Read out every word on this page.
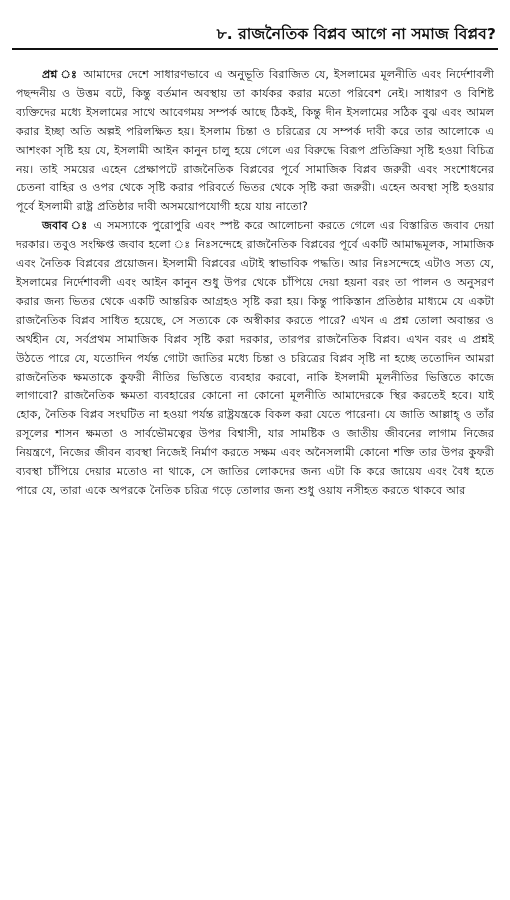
৮. রাজনৈতিক বিপ্লব আগে না সমাজ বিপ্লব?

প্রশ্ন ঃ আমাদের দেশে সাধারণভাবে এ অনুভূতি বিরাজিত যে, ইসলামের মূলনীতি এবং নির্দেশাবলী পছন্দনীয় ও উত্তম বটে, কিন্তু বর্তমান অবস্থায় তা কার্যকর করার মতো পরিবেশ নেই। সাধারণ ও বিশিষ্ট ব্যক্তিদের মধ্যে ইসলামের সাথে আবেগময় সম্পর্ক আছে ঠিকই, কিন্তু দীন ইসলামের সঠিক বুঝ এবং আমল করার ইচ্ছা অতি অল্পই পরিলক্ষিত হয়। ইসলাম চিন্তা ও চরিত্রের যে সম্পর্ক দাবী করে তার আলোকে এ আশংকা সৃষ্টি হয় যে, ইসলামী আইন কানুন চালু হয়ে গেলে এর বিরুদ্ধে বিরূপ প্রতিক্রিয়া সৃষ্টি হওয়া বিচিত্র নয়। তাই সময়ের এহেন প্রেক্ষাপটে রাজনৈতিক বিপ্লবের পূর্বে সামাজিক বিপ্লব জরুরী এবং সংশোধনের চেতনা বাহির ও ওপর থেকে সৃষ্টি করার পরিবর্তে ভিতর থেকে সৃষ্টি করা জরুরী। এহেন অবস্থা সৃষ্টি হওয়ার পূর্বে ইসলামী রাষ্ট্র প্রতিষ্ঠার দাবী অসময়োপযোগী হয়ে যায় নাতো?

জবাব ঃ এ সমস্যাকে পুরোপুরি এবং স্পষ্ট করে আলোচনা করতে গেলে এর বিস্তারিত জবাব দেয়া দরকার। তবুও সংক্ষিপ্ত জবাব হলো ঃ নিঃসন্দেহে রাজনৈতিক বিপ্লবের পূর্বে একটি আমাদ্ধমূলক, সামাজিক এবং নৈতিক বিপ্লবের প্রয়োজন। ইসলামী বিপ্লবের এটাই স্বাভাবিক পদ্ধতি। আর নিঃসন্দেহে এটাও সত্য যে, ইসলামের নির্দেশাবলী এবং আইন কানুন শুধু উপর থেকে চাঁপিয়ে দেয়া হয়না বরং তা পালন ও অনুসরণ করার জন্য ভিতর থেকে একটি আন্তরিক আগ্রহও সৃষ্টি করা হয়। কিন্তু পাকিস্তান প্রতিষ্ঠার মাধ্যমে যে একটা রাজনৈতিক বিপ্লব সাধিত হয়েছে, সে সত্যকে কে অস্বীকার করতে পারে? এখন এ প্রশ্ন তোলা অবান্তর ও অর্থহীন যে, সর্বপ্রথম সামাজিক বিপ্লব সৃষ্টি করা দরকার, তারপর রাজনৈতিক বিপ্লব। এখন বরং এ প্রশ্নই উঠতে পারে যে, যতোদিন পর্যন্ত গোটা জাতির মধ্যে চিন্তা ও চরিত্রের বিপ্লব সৃষ্টি না হচ্ছে ততোদিন আমরা রাজনৈতিক ক্ষমতাকে কুফরী নীতির ভিত্তিতে ব্যবহার করবো, নাকি ইসলামী মূলনীতির ভিত্তিতে কাজে লাগাবো? রাজনৈতিক ক্ষমতা ব্যবহারের কোনো না কোনো মূলনীতি আমাদেরকে স্থির করতেই হবে। যাই হোক, নৈতিক বিপ্লব সংঘটিত না হওয়া পর্যন্ত রাষ্ট্রযন্ত্রকে বিকল করা যেতে পারেনা। যে জাতি আল্লাহ্ ও তাঁর রসূলের শাসন ক্ষমতা ও সার্বভৌমত্বের উপর বিশ্বাসী, যার সামষ্টিক ও জাতীয় জীবনের লাগাম নিজের নিয়ন্ত্রণে, নিজের জীবন ব্যবস্থা নিজেই নির্মাণ করতে সক্ষম এবং অনৈসলামী কোনো শক্তি তার উপর কুফরী ব্যবস্থা চাঁপিয়ে দেয়ার মতোও না থাকে, সে জাতির লোকদের জন্য এটা কি করে জায়েয এবং বৈধ হতে পারে যে, তারা একে অপরকে নৈতিক চরিত্র গড়ে তোলার জন্য শুধু ওয়ায নসীহত করতে থাকবে আর
